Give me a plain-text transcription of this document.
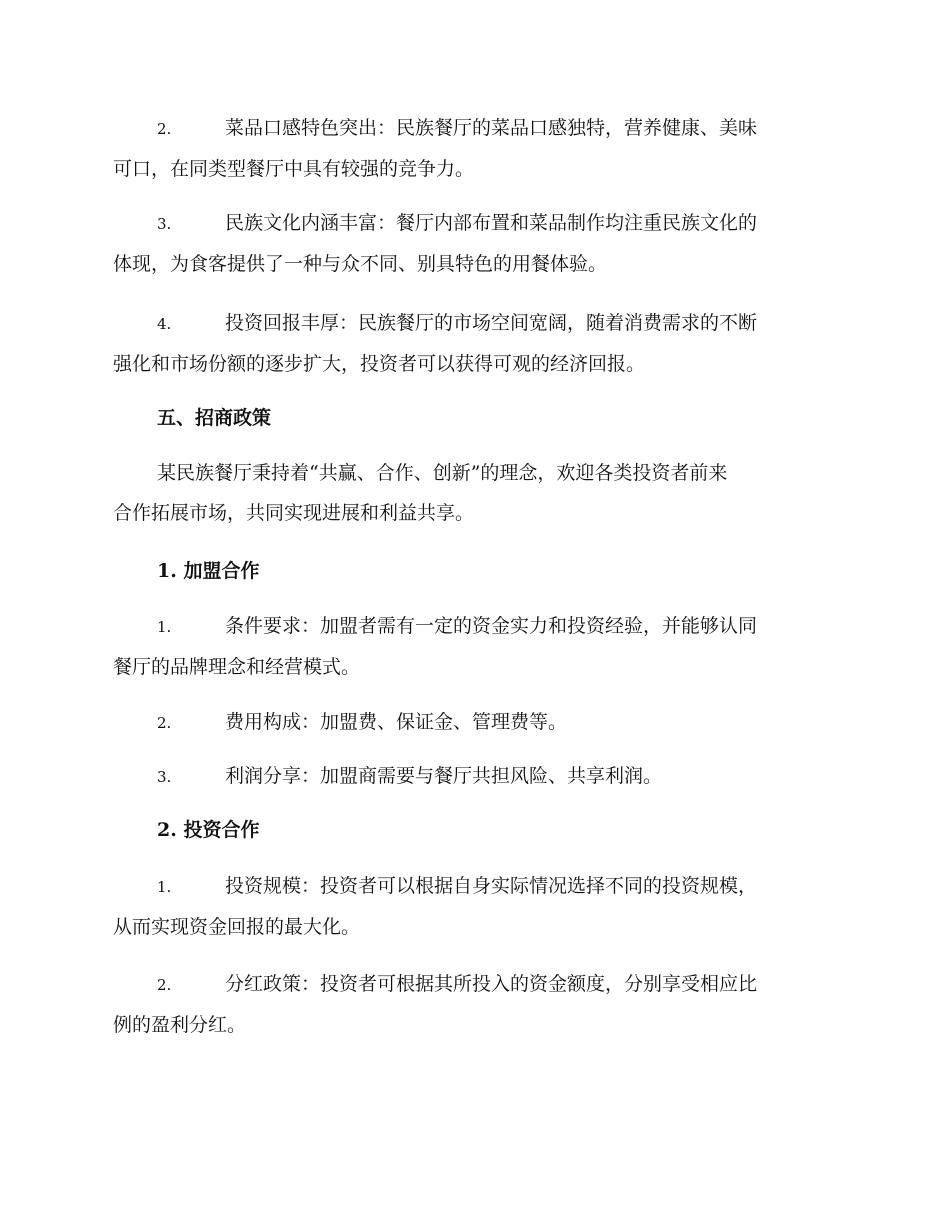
2.	菜品口感特色突出：民族餐厅的菜品口感独特，营养健康、美味
可口，在同类型餐厅中具有较强的竞争力。
3.	民族文化内涵丰富：餐厅内部布置和菜品制作均注重民族文化的
体现，为食客提供了一种与众不同、别具特色的用餐体验。
4.	投资回报丰厚：民族餐厅的市场空间宽阔，随着消费需求的不断
强化和市场份额的逐步扩大，投资者可以获得可观的经济回报。
五、招商政策
某民族餐厅秉持着“共赢、合作、创新”的理念，欢迎各类投资者前来
合作拓展市场，共同实现进展和利益共享。
1. 加盟合作
1.	条件要求：加盟者需有一定的资金实力和投资经验，并能够认同
餐厅的品牌理念和经营模式。
2.	费用构成：加盟费、保证金、管理费等。
3.	利润分享：加盟商需要与餐厅共担风险、共享利润。
2. 投资合作
1.	投资规模：投资者可以根据自身实际情况选择不同的投资规模，
从而实现资金回报的最大化。
2.	分红政策：投资者可根据其所投入的资金额度，分别享受相应比
例的盈利分红。
